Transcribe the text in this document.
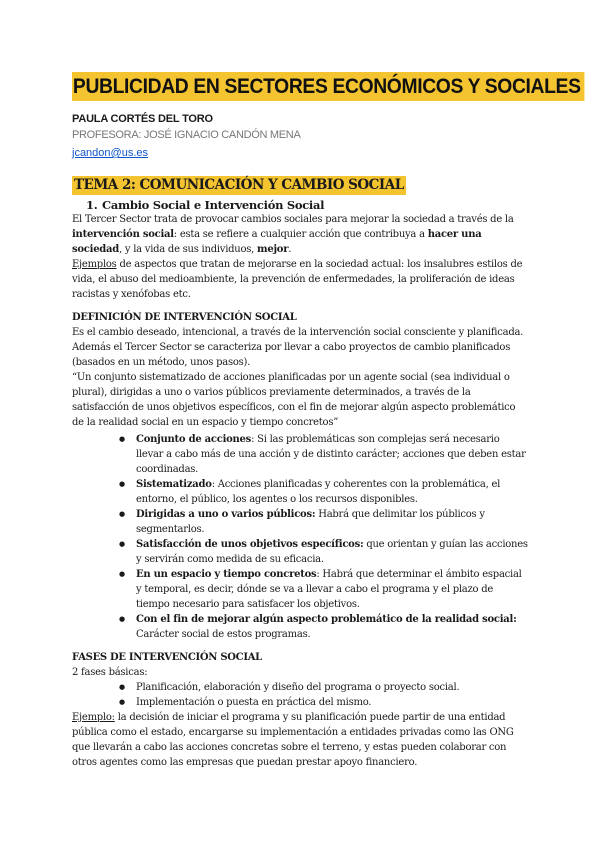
PUBLICIDAD EN SECTORES ECONÓMICOS Y SOCIALES
PAULA CORTÉS DEL TORO
PROFESORA: JOSÉ IGNACIO CANDÓN MENA
jcandon@us.es
TEMA 2: COMUNICACIÓN Y CAMBIO SOCIAL
1. Cambio Social e Intervención Social

El Tercer Sector trata de provocar cambios sociales para mejorar la sociedad a través de la intervención social: esta se refiere a cualquier acción que contribuya a hacer una sociedad, y la vida de sus individuos, mejor.

Ejemplos de aspectos que tratan de mejorarse en la sociedad actual: los insalubres estilos de vida, el abuso del medioambiente, la prevención de enfermedades, la proliferación de ideas racistas y xenófobas etc.

DEFINICIÓN DE INTERVENCIÓN SOCIAL

Es el cambio deseado, intencional, a través de la intervención social consciente y planificada. Además el Tercer Sector se caracteriza por llevar a cabo proyectos de cambio planificados (basados en un método, unos pasos).

“Un conjunto sistematizado de acciones planificadas por un agente social (sea individual o plural), dirigidas a uno o varios públicos previamente determinados, a través de la satisfacción de unos objetivos específicos, con el fin de mejorar algún aspecto problemático de la realidad social en un espacio y tiempo concretos”

● Conjunto de acciones: Si las problemáticas son complejas será necesario llevar a cabo más de una acción y de distinto carácter; acciones que deben estar coordinadas.
● Sistematizado: Acciones planificadas y coherentes con la problemática, el entorno, el público, los agentes o los recursos disponibles.
● Dirigidas a uno o varios públicos: Habrá que delimitar los públicos y segmentarlos.
● Satisfacción de unos objetivos específicos: que orientan y guían las acciones y servirán como medida de su eficacia.
● En un espacio y tiempo concretos: Habrá que determinar el ámbito espacial y temporal, es decir, dónde se va a llevar a cabo el programa y el plazo de tiempo necesario para satisfacer los objetivos.
● Con el fin de mejorar algún aspecto problemático de la realidad social: Carácter social de estos programas.

FASES DE INTERVENCIÓN SOCIAL

2 fases básicas:

● Planificación, elaboración y diseño del programa o proyecto social.
● Implementación o puesta en práctica del mismo.

Ejemplo: la decisión de iniciar el programa y su planificación puede partir de una entidad pública como el estado, encargarse su implementación a entidades privadas como las ONG que llevarán a cabo las acciones concretas sobre el terreno, y estas pueden colaborar con otros agentes como las empresas que puedan prestar apoyo financiero.
